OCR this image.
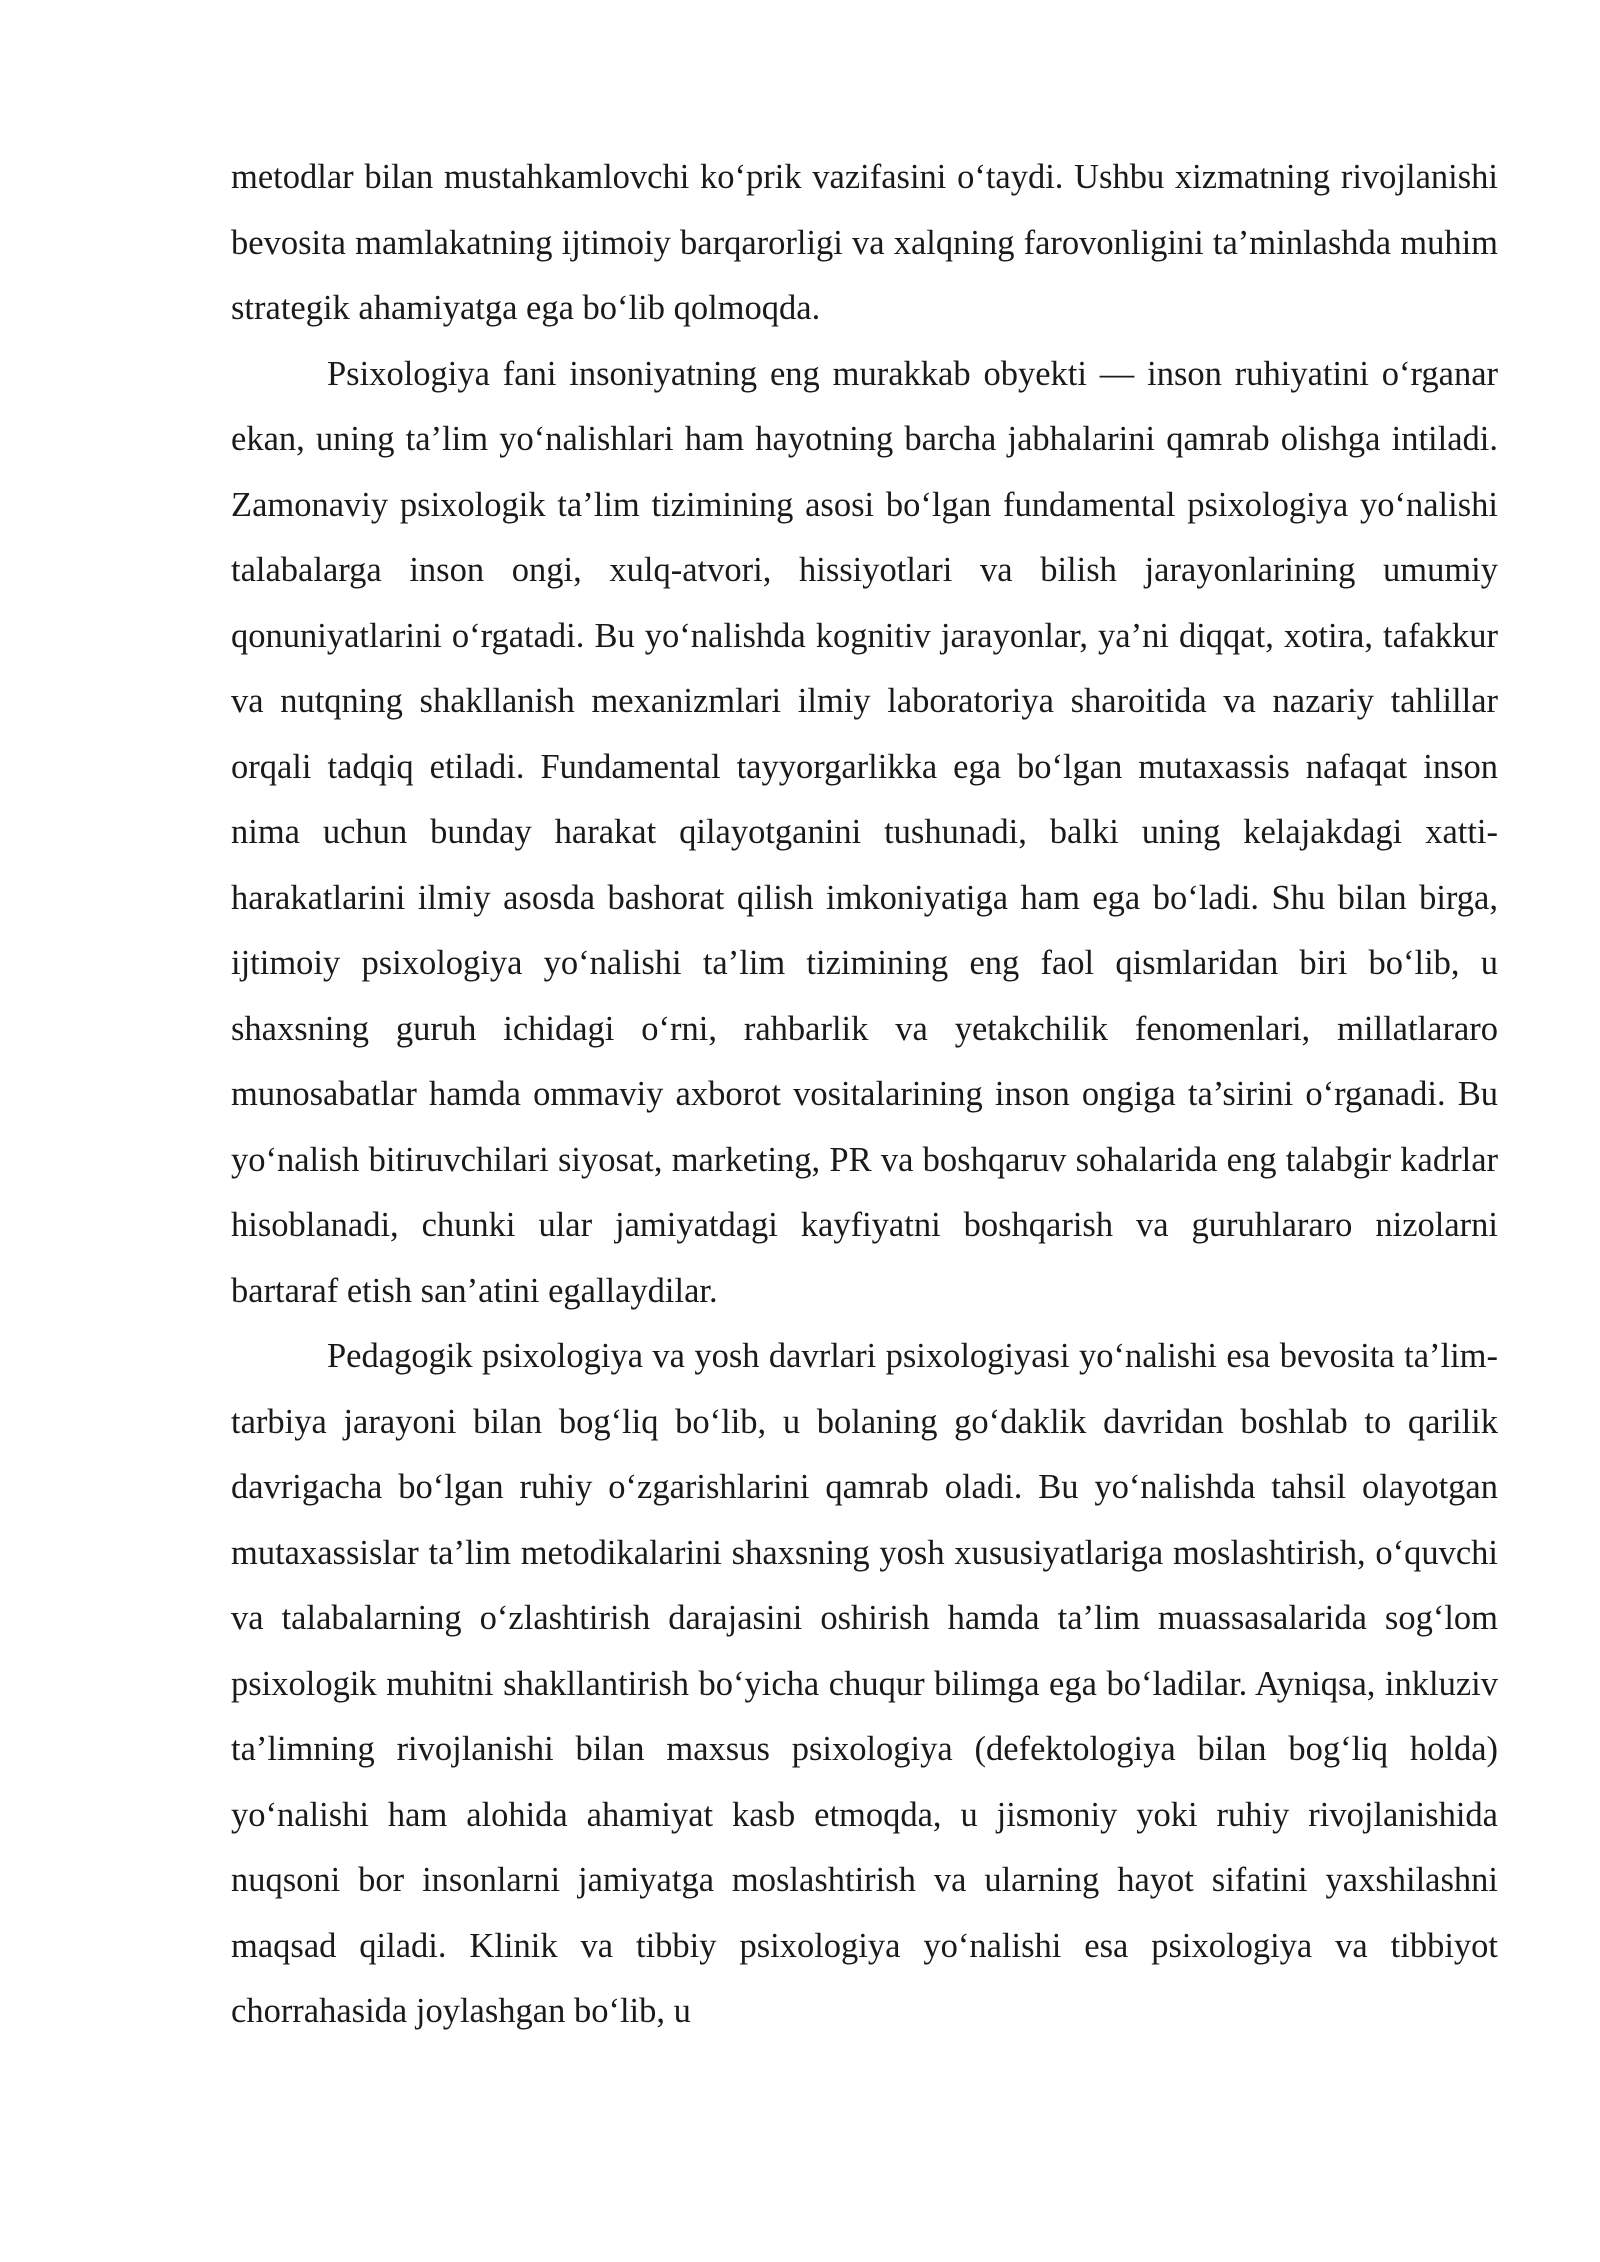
metodlar bilan mustahkamlovchi ko‘prik vazifasini o‘taydi. Ushbu xizmatning rivojlanishi bevosita mamlakatning ijtimoiy barqarorligi va xalqning farovonligini ta’minlashda muhim strategik ahamiyatga ega bo‘lib qolmoqda.

Psixologiya fani insoniyatning eng murakkab obyekti — inson ruhiyatini o‘rganar ekan, uning ta’lim yo‘nalishlari ham hayotning barcha jabhalarini qamrab olishga intiladi. Zamonaviy psixologik ta’lim tizimining asosi bo‘lgan fundamental psixologiya yo‘nalishi talabalarga inson ongi, xulq-atvori, hissiyotlari va bilish jarayonlarining umumiy qonuniyatlarini o‘rgatadi. Bu yo‘nalishda kognitiv jarayonlar, ya’ni diqqat, xotira, tafakkur va nutqning shakllanish mexanizmlari ilmiy laboratoriya sharoitida va nazariy tahlillar orqali tadqiq etiladi. Fundamental tayyorgarlikka ega bo‘lgan mutaxassis nafaqat inson nima uchun bunday harakat qilayotganini tushunadi, balki uning kelajakdagi xatti-harakatlarini ilmiy asosda bashorat qilish imkoniyatiga ham ega bo‘ladi. Shu bilan birga, ijtimoiy psixologiya yo‘nalishi ta’lim tizimining eng faol qismlaridan biri bo‘lib, u shaxsning guruh ichidagi o‘rni, rahbarlik va yetakchilik fenomenlari, millatlararo munosabatlar hamda ommaviy axborot vositalarining inson ongiga ta’sirini o‘rganadi. Bu yo‘nalish bitiruvchilari siyosat, marketing, PR va boshqaruv sohalarida eng talabgir kadrlar hisoblanadi, chunki ular jamiyatdagi kayfiyatni boshqarish va guruhlararo nizolarni bartaraf etish san’atini egallaydilar.

Pedagogik psixologiya va yosh davrlari psixologiyasi yo‘nalishi esa bevosita ta’lim-tarbiya jarayoni bilan bog‘liq bo‘lib, u bolaning go‘daklik davridan boshlab to qarilik davrigacha bo‘lgan ruhiy o‘zgarishlarini qamrab oladi. Bu yo‘nalishda tahsil olayotgan mutaxassislar ta’lim metodikalarini shaxsning yosh xususiyatlariga moslashtirish, o‘quvchi va talabalarning o‘zlashtirish darajasini oshirish hamda ta’lim muassasalarida sog‘lom psixologik muhitni shakllantirish bo‘yicha chuqur bilimga ega bo‘ladilar. Ayniqsa, inkluziv ta’limning rivojlanishi bilan maxsus psixologiya (defektologiya bilan bog‘liq holda) yo‘nalishi ham alohida ahamiyat kasb etmoqda, u jismoniy yoki ruhiy rivojlanishida nuqsoni bor insonlarni jamiyatga moslashtirish va ularning hayot sifatini yaxshilashni maqsad qiladi. Klinik va tibbiy psixologiya yo‘nalishi esa psixologiya va tibbiyot chorrahasida joylashgan bo‘lib, u
